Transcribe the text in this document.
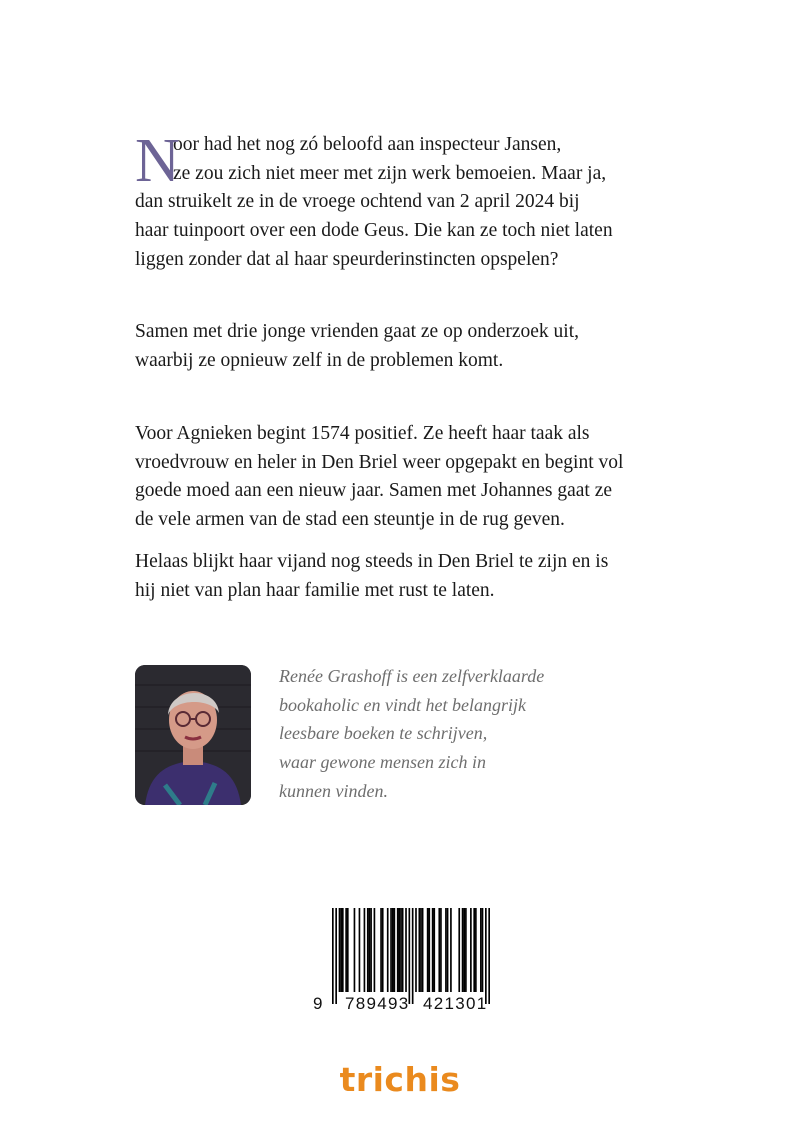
N
oor had het nog zó beloofd aan inspecteur Jansen,
ze zou zich niet meer met zijn werk bemoeien. Maar ja,
dan struikelt ze in de vroege ochtend van 2 april 2024 bij
haar tuinpoort over een dode Geus. Die kan ze toch niet laten
liggen zonder dat al haar speurderinstincten opspelen?
Samen met drie jonge vrienden gaat ze op onderzoek uit,
waarbij ze opnieuw zelf in de problemen komt.
Voor Agnieken begint 1574 positief. Ze heeft haar taak als
vroedvrouw en heler in Den Briel weer opgepakt en begint vol
goede moed aan een nieuw jaar. Samen met Johannes gaat ze
de vele armen van de stad een steuntje in de rug geven.
Helaas blijkt haar vijand nog steeds in Den Briel te zijn en is
hij niet van plan haar familie met rust te laten.
Renée Grashoff is een zelfverklaarde
bookaholic en vindt het belangrijk
leesbare boeken te schrijven,
waar gewone mensen zich in
kunnen vinden.
9 789493 421301
trichis
